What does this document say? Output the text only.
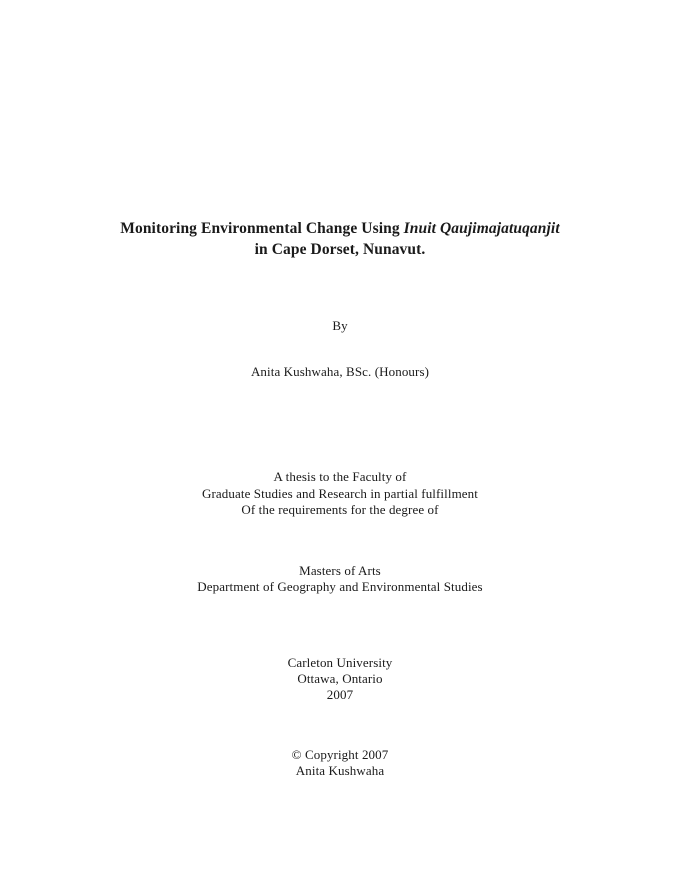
Monitoring Environmental Change Using Inuit Qaujimajatuqanjit
in Cape Dorset, Nunavut.
By
Anita Kushwaha, BSc. (Honours)
A thesis to the Faculty of
Graduate Studies and Research in partial fulfillment
Of the requirements for the degree of
Masters of Arts
Department of Geography and Environmental Studies
Carleton University
Ottawa, Ontario
2007
© Copyright 2007
Anita Kushwaha
